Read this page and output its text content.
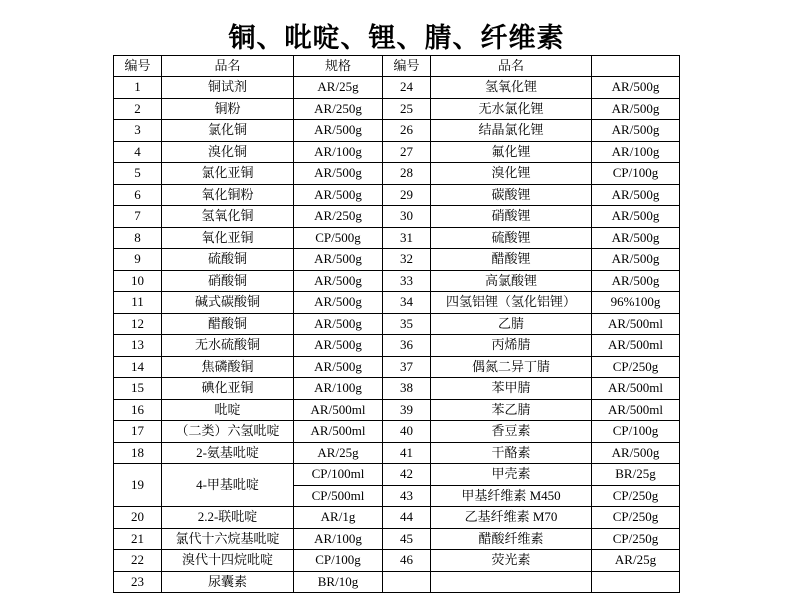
铜、吡啶、锂、腈、纤维素
编号	品名	规格	编号	品名	
1	铜试剂	AR/25g	24	氢氧化锂	AR/500g
2	铜粉	AR/250g	25	无水氯化锂	AR/500g
3	氯化铜	AR/500g	26	结晶氯化锂	AR/500g
4	溴化铜	AR/100g	27	氟化锂	AR/100g
5	氯化亚铜	AR/500g	28	溴化锂	CP/100g
6	氧化铜粉	AR/500g	29	碳酸锂	AR/500g
7	氢氧化铜	AR/250g	30	硝酸锂	AR/500g
8	氧化亚铜	CP/500g	31	硫酸锂	AR/500g
9	硫酸铜	AR/500g	32	醋酸锂	AR/500g
10	硝酸铜	AR/500g	33	高氯酸锂	AR/500g
11	碱式碳酸铜	AR/500g	34	四氢铝锂（氢化铝锂）	96%100g
12	醋酸铜	AR/500g	35	乙腈	AR/500ml
13	无水硫酸铜	AR/500g	36	丙烯腈	AR/500ml
14	焦磷酸铜	AR/500g	37	偶氮二异丁腈	CP/250g
15	碘化亚铜	AR/100g	38	苯甲腈	AR/500ml
16	吡啶	AR/500ml	39	苯乙腈	AR/500ml
17	（二类）六氢吡啶	AR/500ml	40	香豆素	CP/100g
18	2-氨基吡啶	AR/25g	41	干酪素	AR/500g
19	4-甲基吡啶	CP/100ml	42	甲壳素	BR/25g
		CP/500ml	43	甲基纤维素 M450	CP/250g
20	2.2-联吡啶	AR/1g	44	乙基纤维素 M70	CP/250g
21	氯代十六烷基吡啶	AR/100g	45	醋酸纤维素	CP/250g
22	溴代十四烷吡啶	CP/100g	46	荧光素	AR/25g
23	尿囊素	BR/10g			
